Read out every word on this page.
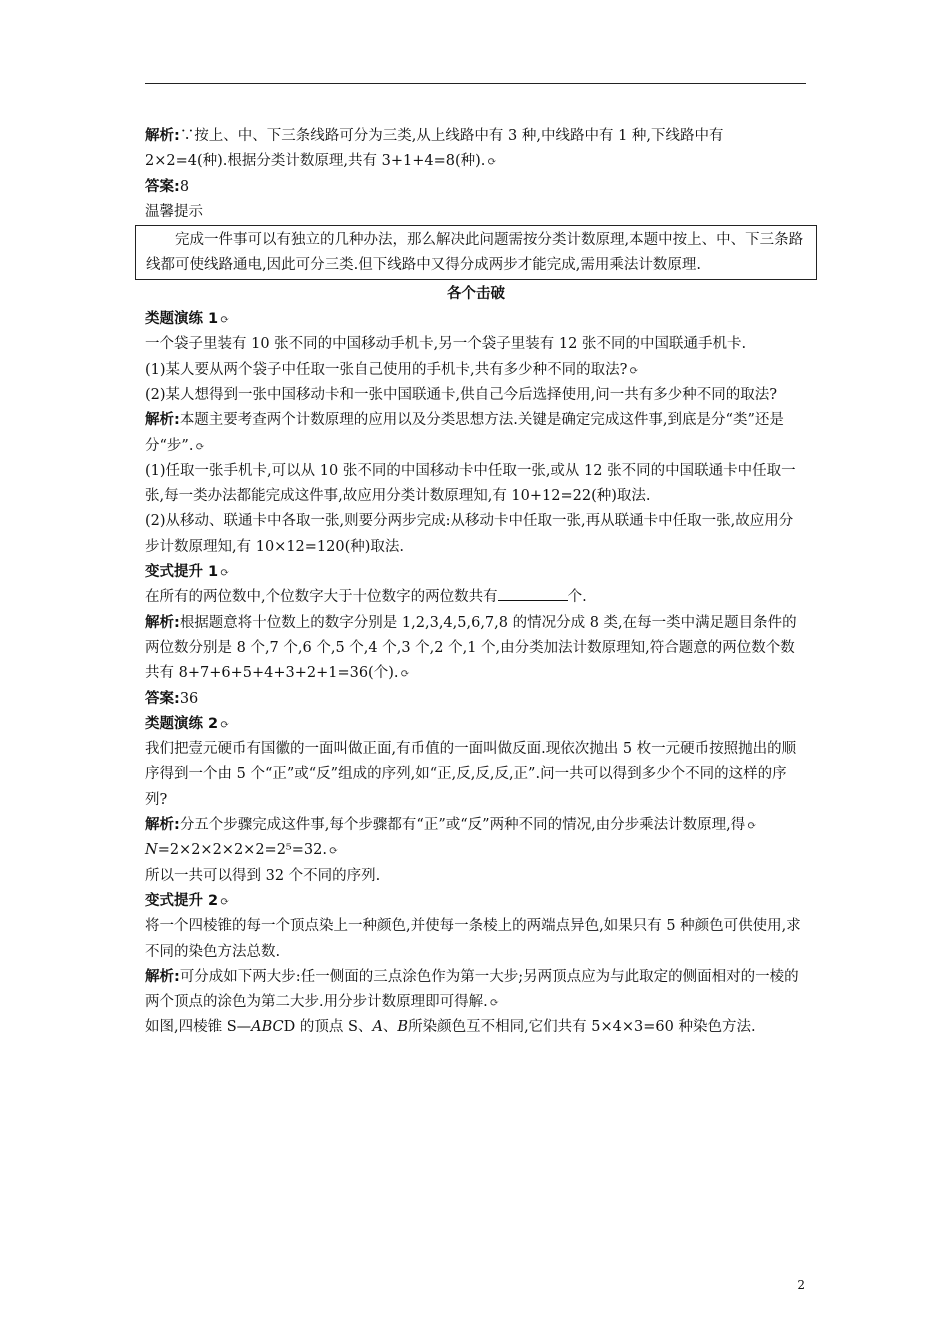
解析:∵按上、中、下三条线路可分为三类,从上线路中有 3 种,中线路中有 1 种,下线路中有
2×2=4(种).根据分类计数原理,共有 3+1+4=8(种). ⟳

答案:8

温馨提示

完成一件事可以有独立的几种办法，那么解决此问题需按分类计数原理,本题中按上、中、下三条路线都可使线路通电,因此可分三类.但下线路中又得分成两步才能完成,需用乘法计数原理.

各个击破

类题演练 1 ⟳

一个袋子里装有 10 张不同的中国移动手机卡,另一个袋子里装有 12 张不同的中国联通手机卡.

(1)某人要从两个袋子中任取一张自己使用的手机卡,共有多少种不同的取法? ⟳

(2)某人想得到一张中国移动卡和一张中国联通卡,供自己今后选择使用,问一共有多少种不同的取法?

解析:本题主要考查两个计数原理的应用以及分类思想方法.关键是确定完成这件事,到底是分“类”还是分“步”. ⟳

(1)任取一张手机卡,可以从 10 张不同的中国移动卡中任取一张,或从 12 张不同的中国联通卡中任取一张,每一类办法都能完成这件事,故应用分类计数原理知,有 10+12=22(种)取法.

(2)从移动、联通卡中各取一张,则要分两步完成:从移动卡中任取一张,再从联通卡中任取一张,故应用分步计数原理知,有 10×12=120(种)取法.

变式提升 1 ⟳

在所有的两位数中,个位数字大于十位数字的两位数共有	个.

解析:根据题意将十位数上的数字分别是 1,2,3,4,5,6,7,8 的情况分成 8 类,在每一类中满足题目条件的两位数分别是 8 个,7 个,6 个,5 个,4 个,3 个,2 个,1 个,由分类加法计数原理知,符合题意的两位数个数共有 8+7+6+5+4+3+2+1=36(个). ⟳

答案:36

类题演练 2 ⟳

我们把壹元硬币有国徽的一面叫做正面,有币值的一面叫做反面.现依次抛出 5 枚一元硬币按照抛出的顺序得到一个由 5 个“正”或“反”组成的序列,如“正,反,反,反,正”.问一共可以得到多少个不同的这样的序列?

解析:分五个步骤完成这件事,每个步骤都有“正”或“反”两种不同的情况,由分步乘法计数原理,得 ⟳

N=2×2×2×2×2=2⁵=32. ⟳

所以一共可以得到 32 个不同的序列.

变式提升 2 ⟳

将一个四棱锥的每一个顶点染上一种颜色,并使每一条棱上的两端点异色,如果只有 5 种颜色可供使用,求不同的染色方法总数.

解析:可分成如下两大步:任一侧面的三点涂色作为第一大步;另两顶点应为与此取定的侧面相对的一棱的两个顶点的涂色为第二大步.用分步计数原理即可得解. ⟳

如图,四棱锥 S—ABCD 的顶点 S、A、B所染颜色互不相同,它们共有 5×4×3=60 种染色方法.

2
